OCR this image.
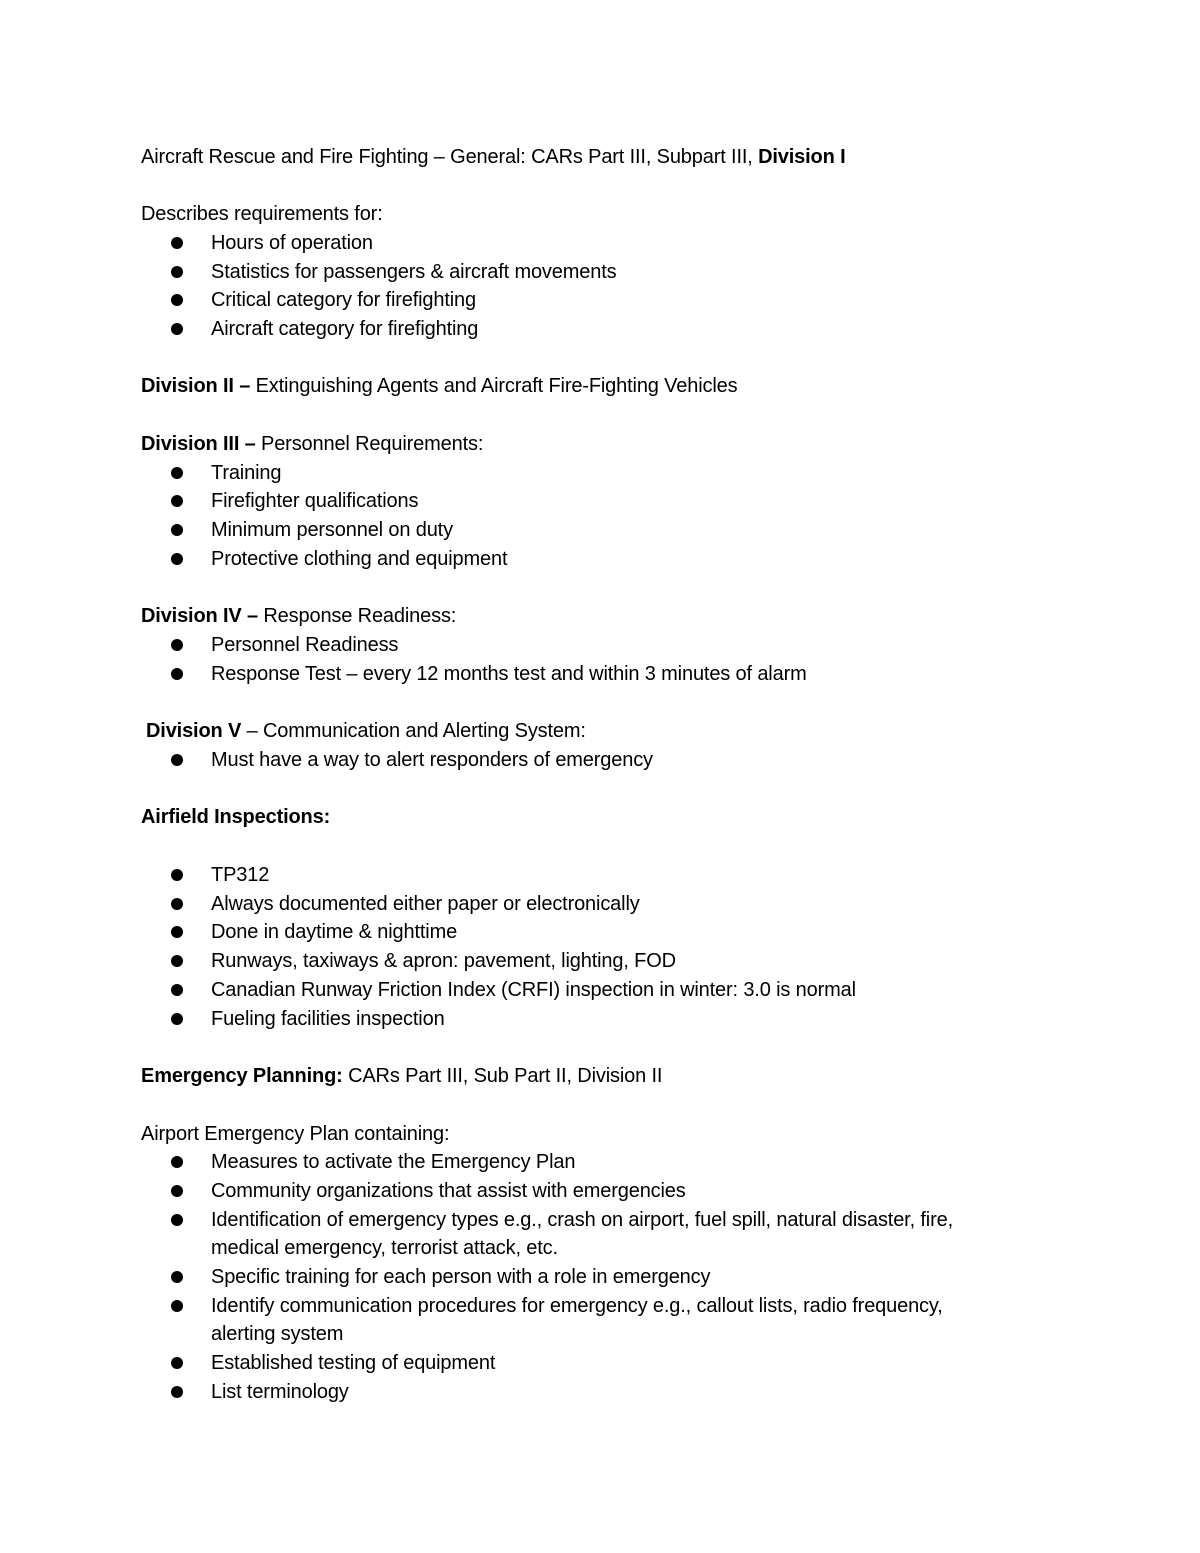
Aircraft Rescue and Fire Fighting – General: CARs Part III, Subpart III, Division I
Describes requirements for:
Hours of operation
Statistics for passengers & aircraft movements
Critical category for firefighting
Aircraft category for firefighting
Division II – Extinguishing Agents and Aircraft Fire-Fighting Vehicles
Division III – Personnel Requirements:
Training
Firefighter qualifications
Minimum personnel on duty
Protective clothing and equipment
Division IV – Response Readiness:
Personnel Readiness
Response Test – every 12 months test and within 3 minutes of alarm
Division V – Communication and Alerting System:
Must have a way to alert responders of emergency
Airfield Inspections:
TP312
Always documented either paper or electronically
Done in daytime & nighttime
Runways, taxiways & apron: pavement, lighting, FOD
Canadian Runway Friction Index (CRFI) inspection in winter: 3.0 is normal
Fueling facilities inspection
Emergency Planning: CARs Part III, Sub Part II, Division II
Airport Emergency Plan containing:
Measures to activate the Emergency Plan
Community organizations that assist with emergencies
Identification of emergency types e.g., crash on airport, fuel spill, natural disaster, fire,
medical emergency, terrorist attack, etc.
Specific training for each person with a role in emergency
Identify communication procedures for emergency e.g., callout lists, radio frequency,
alerting system
Established testing of equipment
List terminology
